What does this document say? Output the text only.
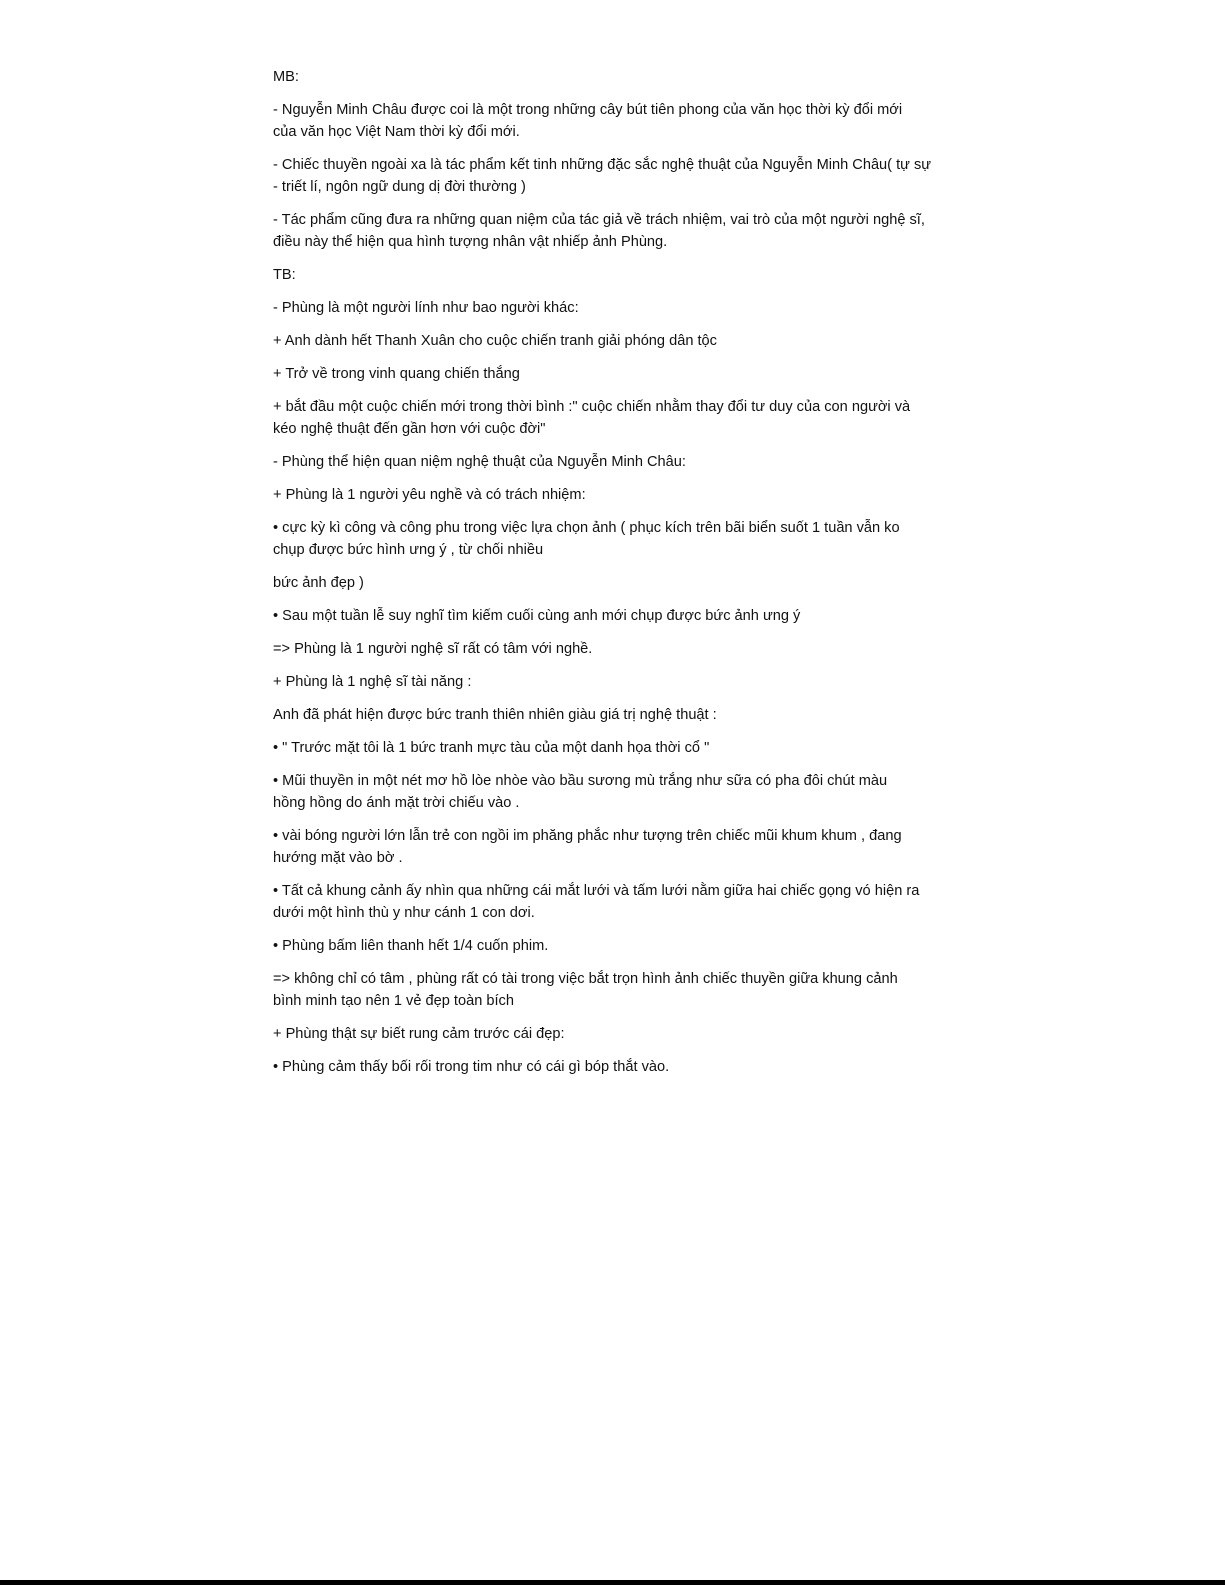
MB:

- Nguyễn Minh Châu được coi là một trong những cây bút tiên phong của văn học thời kỳ đổi mới
của văn học Việt Nam thời kỳ đổi mới.

- Chiếc thuyền ngoài xa là tác phẩm kết tinh những đặc sắc nghệ thuật của Nguyễn Minh Châu( tự sự
- triết lí, ngôn ngữ dung dị đời thường )

- Tác phẩm cũng đưa ra những quan niệm của tác giả về trách nhiệm, vai trò của một người nghệ sĩ,
điều này thể hiện qua hình tượng nhân vật nhiếp ảnh Phùng.

TB:

- Phùng là một người lính như bao người khác:

+ Anh dành hết Thanh Xuân cho cuộc chiến tranh giải phóng dân tộc

+ Trở về trong vinh quang chiến thắng

+ bắt đầu một cuộc chiến mới trong thời bình :" cuộc chiến nhằm thay đổi tư duy của con người và
kéo nghệ thuật đến gần hơn với cuộc đời"

- Phùng thể hiện quan niệm nghệ thuật của Nguyễn Minh Châu:

+ Phùng là 1 người yêu nghề và có trách nhiệm:

• cực kỳ kì công và công phu trong việc lựa chọn ảnh ( phục kích trên bãi biển suốt 1 tuần vẫn ko
chụp được bức hình ưng ý , từ chối nhiều

bức ảnh đẹp )

• Sau một tuần lễ suy nghĩ tìm kiếm cuối cùng anh mới chụp được bức ảnh ưng ý

=> Phùng là 1 người nghệ sĩ rất có tâm với nghề.

+ Phùng là 1 nghệ sĩ tài năng :

Anh đã phát hiện được bức tranh thiên nhiên giàu giá trị nghệ thuật :

• " Trước mặt tôi là 1 bức tranh mực tàu của một danh họa thời cổ "

• Mũi thuyền in một nét mơ hồ lòe nhòe vào bầu sương mù trắng như sữa có pha đôi chút màu
hồng hồng do ánh mặt trời chiếu vào .

• vài bóng người lớn lẫn trẻ con ngồi im phăng phắc như tượng trên chiếc mũi khum khum , đang
hướng mặt vào bờ .

• Tất cả khung cảnh ấy nhìn qua những cái mắt lưới và tấm lưới nằm giữa hai chiếc gọng vó hiện ra
dưới một hình thù y như cánh 1 con dơi.

• Phùng bấm liên thanh hết 1/4 cuốn phim.

=> không chỉ có tâm , phùng rất có tài trong việc bắt trọn hình ảnh chiếc thuyền giữa khung cảnh
bình minh tạo nên 1 vẻ đẹp toàn bích

+ Phùng thật sự biết rung cảm trước cái đẹp:

• Phùng cảm thấy bối rối trong tim như có cái gì bóp thắt vào.
